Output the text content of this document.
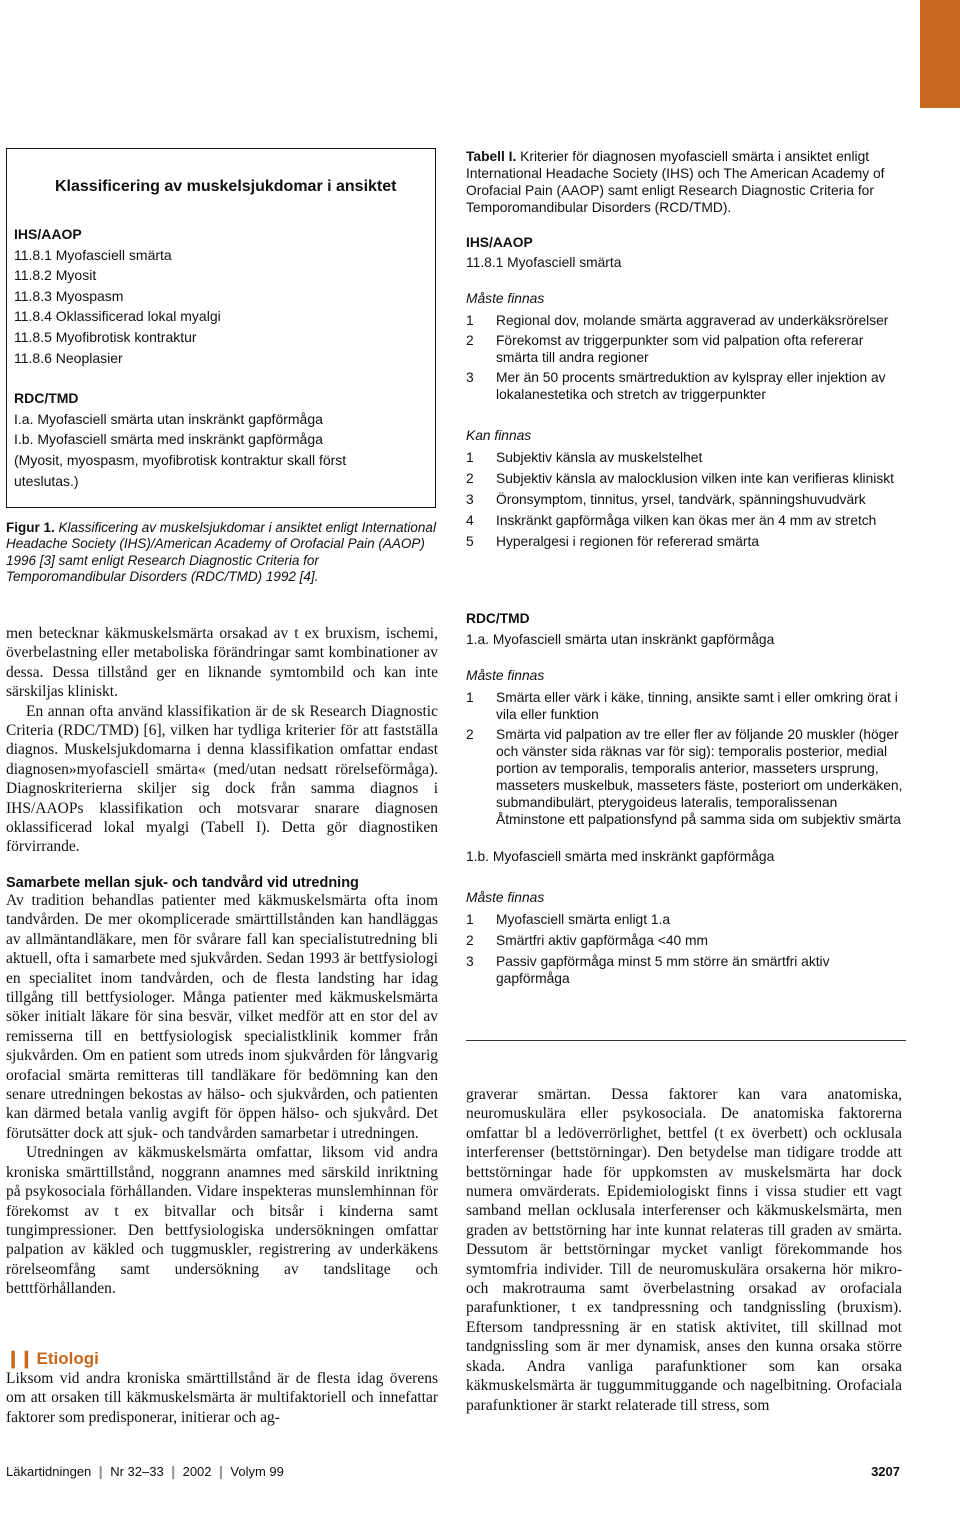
Klassificering av muskelsjukdomar i ansiktet
IHS/AAOP
11.8.1 Myofasciell smärta
11.8.2 Myosit
11.8.3 Myospasm
11.8.4 Oklassificerad lokal myalgi
11.8.5 Myofibrotisk kontraktur
11.8.6 Neoplasier
RDC/TMD
I.a. Myofasciell smärta utan inskränkt gapförmåga
I.b. Myofasciell smärta med inskränkt gapförmåga
(Myosit, myospasm, myofibrotisk kontraktur skall först
uteslutas.)
Figur 1. Klassificering av muskelsjukdomar i ansiktet enligt International Headache Society (IHS)/American Academy of Orofacial Pain (AAOP) 1996 [3] samt enligt Research Diagnostic Criteria for Temporomandibular Disorders (RDC/TMD) 1992 [4].

men betecknar käkmuskelsmärta orsakad av t ex bruxism, ischemi, överbelastning eller metaboliska förändringar samt kombinationer av dessa. Dessa tillstånd ger en liknande symtombild och kan inte särskiljas kliniskt.

En annan ofta använd klassifikation är de sk Research Diagnostic Criteria (RDC/TMD) [6], vilken har tydliga kriterier för att fastställa diagnos. Muskelsjukdomarna i denna klassifikation omfattar endast diagnosen»myofasciell smärta« (med/utan nedsatt rörelseförmåga). Diagnoskriterierna skiljer sig dock från samma diagnos i IHS/AAOPs klassifikation och motsvarar snarare diagnosen oklassificerad lokal myalgi (Tabell I). Detta gör diagnostiken förvirrande.

Samarbete mellan sjuk- och tandvård vid utredning

Av tradition behandlas patienter med käkmuskelsmärta ofta inom tandvården. De mer okomplicerade smärttillstånden kan handläggas av allmäntandläkare, men för svårare fall kan specialistutredning bli aktuell, ofta i samarbete med sjukvården. Sedan 1993 är bettfysiologi en specialitet inom tandvården, och de flesta landsting har idag tillgång till bettfysiologer. Många patienter med käkmuskelsmärta söker initialt läkare för sina besvär, vilket medför att en stor del av remisserna till en bettfysiologisk specialistklinik kommer från sjukvården. Om en patient som utreds inom sjukvården för långvarig orofacial smärta remitteras till tandläkare för bedömning kan den senare utredningen bekostas av hälso- och sjukvården, och patienten kan därmed betala vanlig avgift för öppen hälso- och sjukvård. Det förutsätter dock att sjuk- och tandvården samarbetar i utredningen.

Utredningen av käkmuskelsmärta omfattar, liksom vid andra kroniska smärttillstånd, noggrann anamnes med särskild inriktning på psykosociala förhållanden. Vidare inspekteras munslemhinnan för förekomst av t ex bitvallar och bitsår i kinderna samt tungimpressioner. Den bettfysiologiska undersökningen omfattar palpation av käkled och tuggmuskler, registrering av underkäkens rörelseomfång samt undersökning av tandslitage och betttförhållanden.

❙❙ Etiologi

Liksom vid andra kroniska smärttillstånd är de flesta idag överens om att orsaken till käkmuskelsmärta är multifaktoriell och innefattar faktorer som predisponerar, initierar och ag-

Tabell I. Kriterier för diagnosen myofasciell smärta i ansiktet enligt International Headache Society (IHS) och The American Academy of Orofacial Pain (AAOP) samt enligt Research Diagnostic Criteria for Temporomandibular Disorders (RCD/TMD).
IHS/AAOP
11.8.1 Myofasciell smärta
Måste finnas
1	Regional dov, molande smärta aggraverad av underkäksrörelser
2	Förekomst av triggerpunkter som vid palpation ofta refererar smärta till andra regioner
3	Mer än 50 procents smärtreduktion av kylspray eller injektion av lokalanestetika och stretch av triggerpunkter
Kan finnas
1	Subjektiv känsla av muskelstelhet
2	Subjektiv känsla av malocklusion vilken inte kan verifieras kliniskt
3	Öronsymptom, tinnitus, yrsel, tandvärk, spänningshuvudvärk
4	Inskränkt gapförmåga vilken kan ökas mer än 4 mm av stretch
5	Hyperalgesi i regionen för refererad smärta
RDC/TMD
1.a. Myofasciell smärta utan inskränkt gapförmåga
Måste finnas
1	Smärta eller värk i käke, tinning, ansikte samt i eller omkring örat i vila eller funktion
2	Smärta vid palpation av tre eller fler av följande 20 muskler (höger och vänster sida räknas var för sig): temporalis posterior, medial portion av temporalis, temporalis anterior, masseters ursprung, masseters muskelbuk, masseters fäste, posteriort om underkäken, submandibulärt, pterygoideus lateralis, temporalissenan
Åtminstone ett palpationsfynd på samma sida om subjektiv smärta
1.b. Myofasciell smärta med inskränkt gapförmåga
Måste finnas
1	Myofasciell smärta enligt 1.a
2	Smärtfri aktiv gapförmåga <40 mm
3	Passiv gapförmåga minst 5 mm större än smärtfri aktiv gapförmåga

graverar smärtan. Dessa faktorer kan vara anatomiska, neuromuskulära eller psykosociala. De anatomiska faktorerna omfattar bl a ledöverrörlighet, bettfel (t ex överbett) och ocklusala interferenser (bettstörningar). Den betydelse man tidigare trodde att bettstörningar hade för uppkomsten av muskelsmärta har dock numera omvärderats. Epidemiologiskt finns i vissa studier ett vagt samband mellan ocklusala interferenser och käkmuskelsmärta, men graden av bettstörning har inte kunnat relateras till graden av smärta. Dessutom är bettstörningar mycket vanligt förekommande hos symtomfria individer. Till de neuromuskulära orsakerna hör mikro- och makrotrauma samt överbelastning orsakad av orofaciala parafunktioner, t ex tandpressning och tandgnissling (bruxism). Eftersom tandpressning är en statisk aktivitet, till skillnad mot tandgnissling som är mer dynamisk, anses den kunna orsaka större skada. Andra vanliga parafunktioner som kan orsaka käkmuskelsmärta är tuggummituggande och nagelbitning. Orofaciala parafunktioner är starkt relaterade till stress, som

Läkartidningen ❙ Nr 32–33 ❙ 2002 ❙ Volym 99	3207
